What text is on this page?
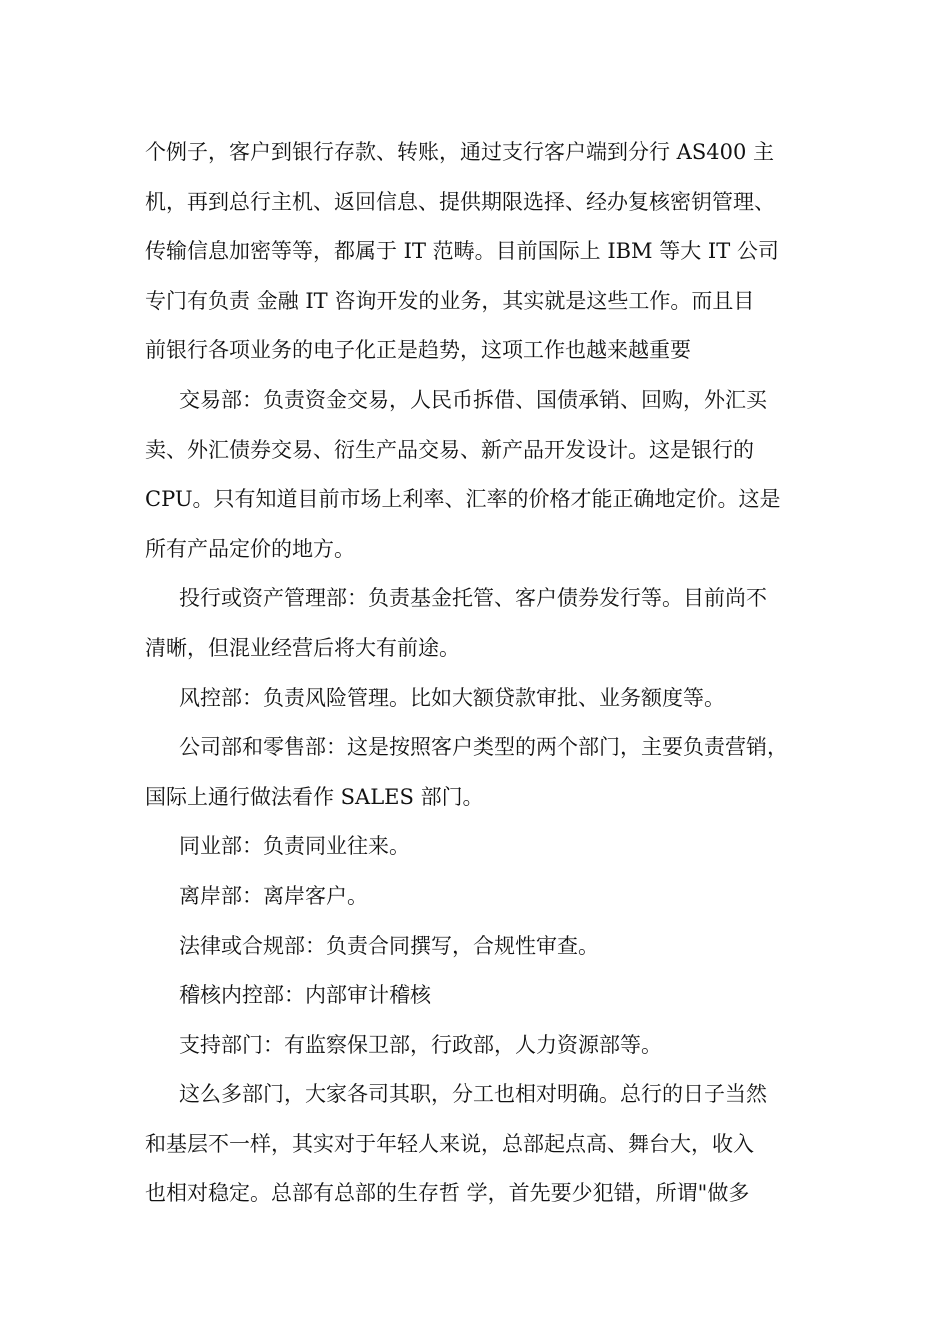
个例子，客户到银行存款、转账，通过支行客户端到分行 AS400 主
机，再到总行主机、返回信息、提供期限选择、经办复核密钥管理、
传输信息加密等等，都属于 IT 范畴。目前国际上 IBM 等大 IT 公司
专门有负责 金融 IT 咨询开发的业务，其实就是这些工作。而且目
前银行各项业务的电子化正是趋势，这项工作也越来越重要
交易部：负责资金交易，人民币拆借、国债承销、回购，外汇买
卖、外汇债券交易、衍生产品交易、新产品开发设计。这是银行的
CPU。只有知道目前市场上利率、汇率的价格才能正确地定价。这是
所有产品定价的地方。
投行或资产管理部：负责基金托管、客户债券发行等。目前尚不
清晰，但混业经营后将大有前途。
风控部：负责风险管理。比如大额贷款审批、业务额度等。
公司部和零售部：这是按照客户类型的两个部门，主要负责营销，
国际上通行做法看作 SALES 部门。
同业部：负责同业往来。
离岸部：离岸客户。
法律或合规部：负责合同撰写，合规性审查。
稽核内控部：内部审计稽核
支持部门：有监察保卫部，行政部，人力资源部等。
这么多部门，大家各司其职，分工也相对明确。总行的日子当然
和基层不一样，其实对于年轻人来说，总部起点高、舞台大，收入
也相对稳定。总部有总部的生存哲 学，首先要少犯错，所谓"做多
